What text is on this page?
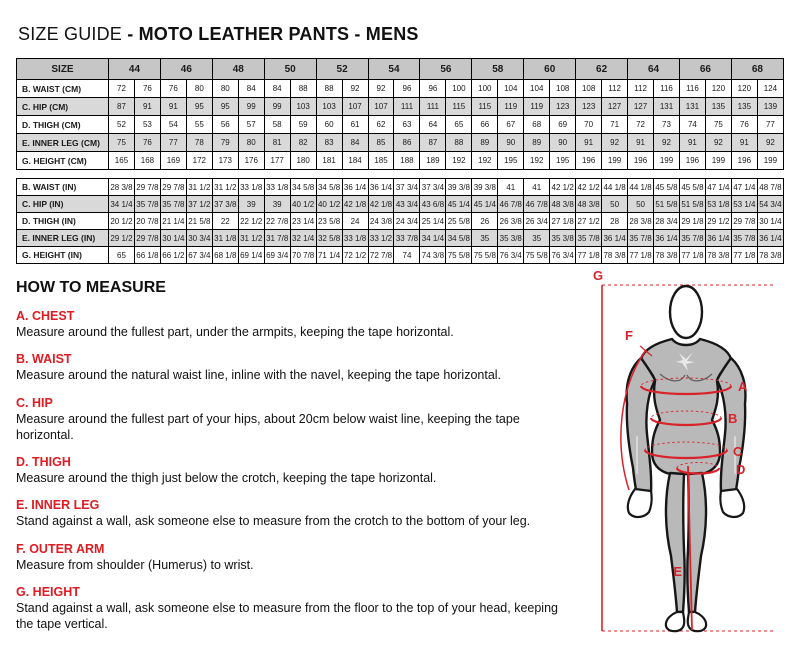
SIZE GUIDE - MOTO LEATHER PANTS - MENS
SIZE	44		46		48		50		52		54		56		58		60		62		64		66		68	
B. WAIST (CM)	72	76	76	80	80	84	84	88	88	92	92	96	96	100	100	104	104	108	108	112	112	116	116	120	120	124
C. HIP (CM)	87	91	91	95	95	99	99	103	103	107	107	111	111	115	115	119	119	123	123	127	127	131	131	135	135	139
D. THIGH (CM)	52	53	54	55	56	57	58	59	60	61	62	63	64	65	66	67	68	69	70	71	72	73	74	75	76	77
E. INNER LEG (CM)	75	76	77	78	79	80	81	82	83	84	85	86	87	88	89	90	89	90	91	92	91	92	91	92	91	92
G. HEIGHT (CM)	165	168	169	172	173	176	177	180	181	184	185	188	189	192	192	195	192	195	196	199	196	199	196	199	196	199
B. WAIST (IN)	28 3/8	29 7/8	29 7/8	31 1/2	31 1/2	33 1/8	33 1/8	34 5/8	34 5/8	36 1/4	36 1/4	37 3/4	37 3/4	39 3/8	39 3/8	41	41	42 1/2	42 1/2	44 1/8	44 1/8	45 5/8	45 5/8	47 1/4	47 1/4	48 7/8
C. HIP (IN)	34 1/4	35 7/8	35 7/8	37 1/2	37 3/8	39	39	40 1/2	40 1/2	42 1/8	42 1/8	43 3/4	43 6/8	45 1/4	45 1/4	46 7/8	46 7/8	48 3/8	48 3/8	50	50	51 5/8	51 5/8	53 1/8	53 1/4	54 3/4
D. THIGH (IN)	20 1/2	20 7/8	21 1/4	21 5/8	22	22 1/2	22 7/8	23 1/4	23 5/8	24	24 3/8	24 3/4	25 1/4	25 5/8	26	26 3/8	26 3/4	27 1/8	27 1/2	28	28 3/8	28 3/4	29 1/8	29 1/2	29 7/8	30 1/4
E. INNER LEG (IN)	29 1/2	29 7/8	30 1/4	30 3/4	31 1/8	31 1/2	31 7/8	32 1/4	32 5/8	33 1/8	33 1/2	33 7/8	34 1/4	34 5/8	35	35 3/8	35	35 3/8	35 7/8	36 1/4	35 7/8	36 1/4	35 7/8	36 1/4	35 7/8	36 1/4
G. HEIGHT (IN)	65	66 1/8	66 1/2	67 3/4	68 1/8	69 1/4	69 3/4	70 7/8	71 1/4	72 1/2	72 7/8	74	74 3/8	75 5/8	75 5/8	76 3/4	75 5/8	76 3/4	77 1/8	78 3/8	77 1/8	78 3/8	77 1/8	78 3/8	77 1/8	78 3/8
HOW TO MEASURE
A. CHEST

Measure around the fullest part, under the armpits, keeping the tape horizontal.

B. WAIST

Measure around the natural waist line, inline with the navel, keeping the tape horizontal.

C. HIP

Measure around the fullest part of your hips, about 20cm below waist line, keeping the tape horizontal.

D. THIGH

Measure around the thigh just below the crotch, keeping the tape horizontal.

E. INNER LEG

Stand against a wall, ask someone else to measure from the crotch to the bottom of your leg.

F. OUTER ARM

Measure from shoulder (Humerus) to wrist.

G. HEIGHT

Stand against a wall, ask someone else to measure from the floor to the top of your head, keeping the tape vertical.

G
A
B
C
D
E
F
